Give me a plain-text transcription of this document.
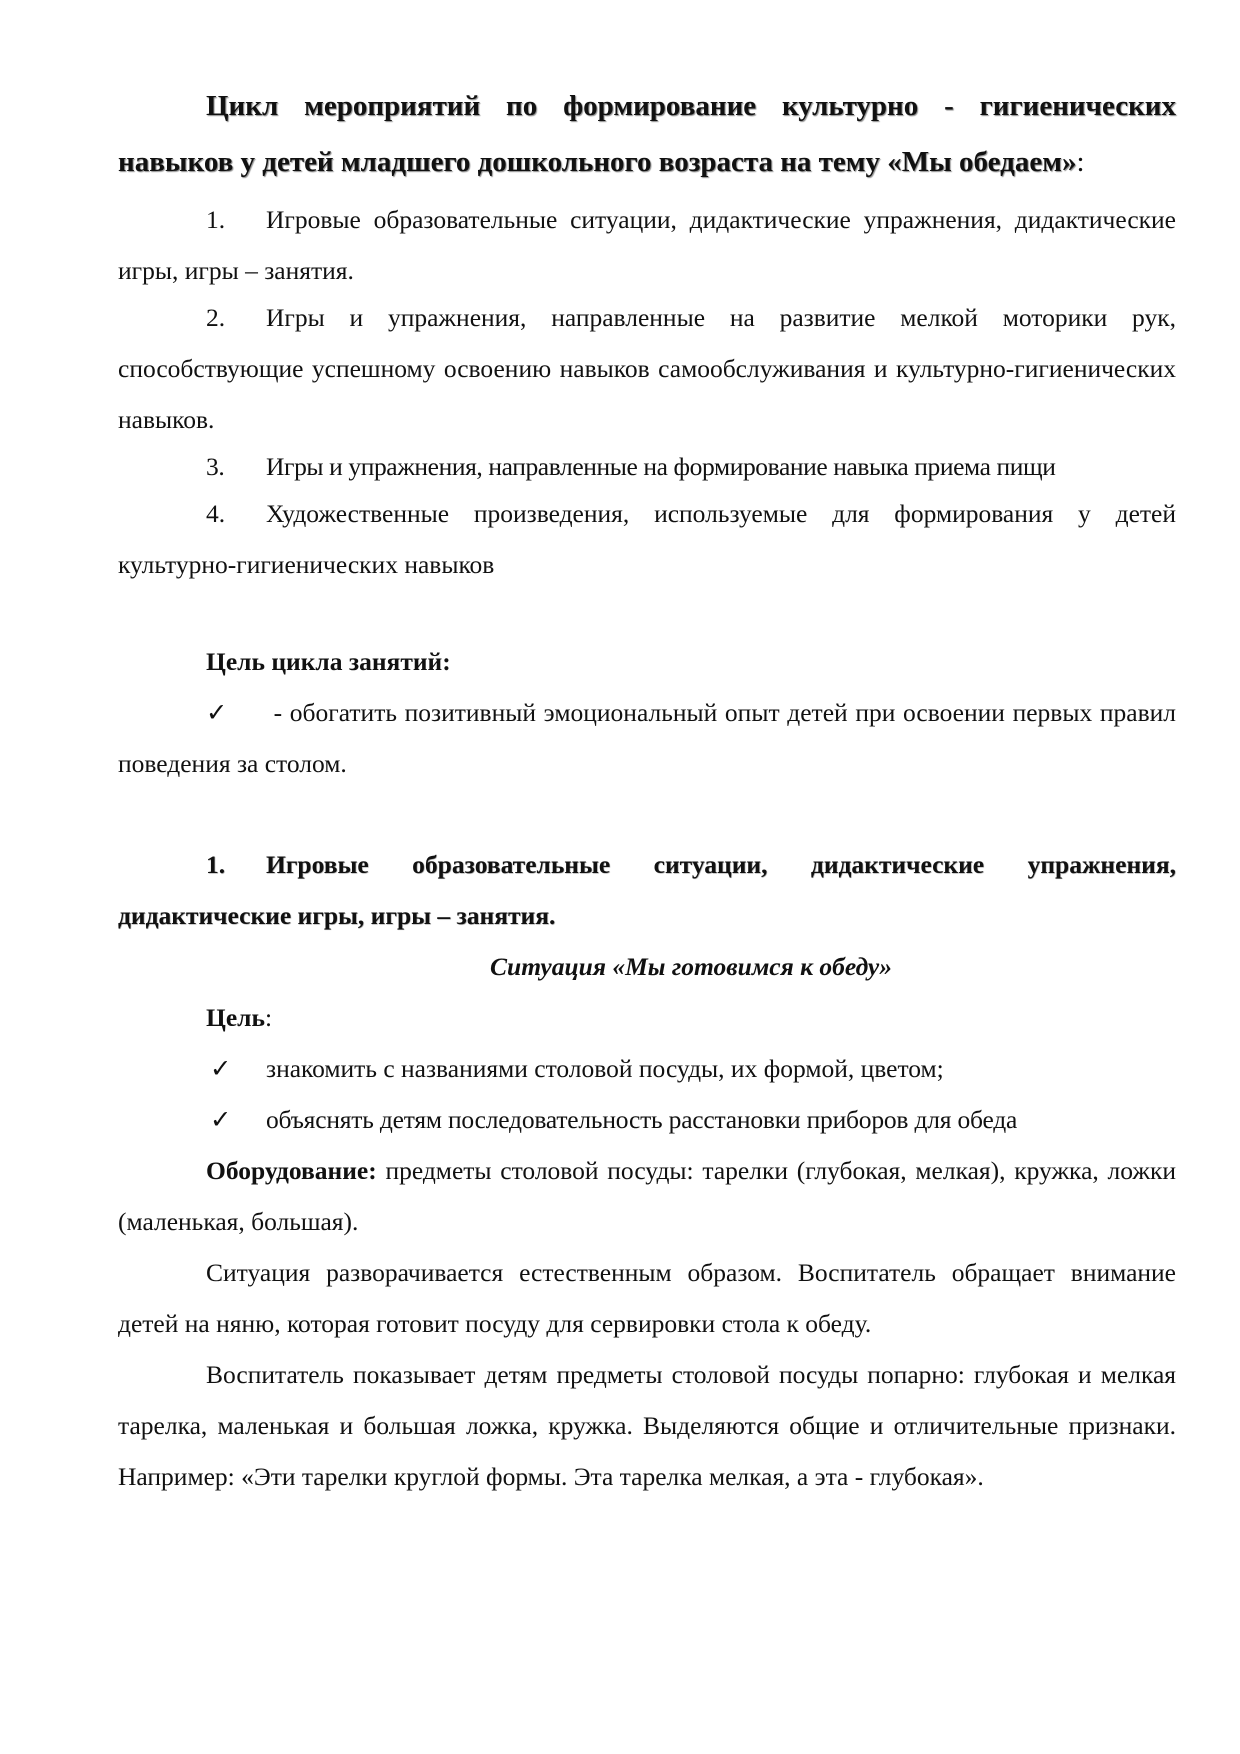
Цикл мероприятий по формирование культурно - гигиенических навыков у детей младшего дошкольного возраста на тему «Мы обедаем»:

1. Игровые образовательные ситуации, дидактические упражнения, дидактические игры, игры – занятия.

2. Игры и упражнения, направленные на развитие мелкой моторики рук, способствующие успешному освоению навыков самообслуживания и культурно-гигиенических навыков.

3. Игры и упражнения, направленные на формирование навыка приема пищи

4. Художественные произведения, используемые для формирования у детей культурно-гигиенических навыков

Цель цикла занятий:

✓ - обогатить позитивный эмоциональный опыт детей при освоении первых правил поведения за столом.

1. Игровые образовательные ситуации, дидактические упражнения, дидактические игры, игры – занятия.

Ситуация «Мы готовимся к обеду»

Цель:

✓ знакомить с названиями столовой посуды, их формой, цветом;

✓ объяснять детям последовательность расстановки приборов для обеда

Оборудование: предметы столовой посуды: тарелки (глубокая, мелкая), кружка, ложки (маленькая, большая).

Ситуация разворачивается естественным образом. Воспитатель обращает внимание детей на няню, которая готовит посуду для сервировки стола к обеду.

Воспитатель показывает детям предметы столовой посуды попарно: глубокая и мелкая тарелка, маленькая и большая ложка, кружка. Выделяются общие и отличительные признаки. Например: «Эти тарелки круглой формы. Эта тарелка мелкая, а эта - глубокая».
